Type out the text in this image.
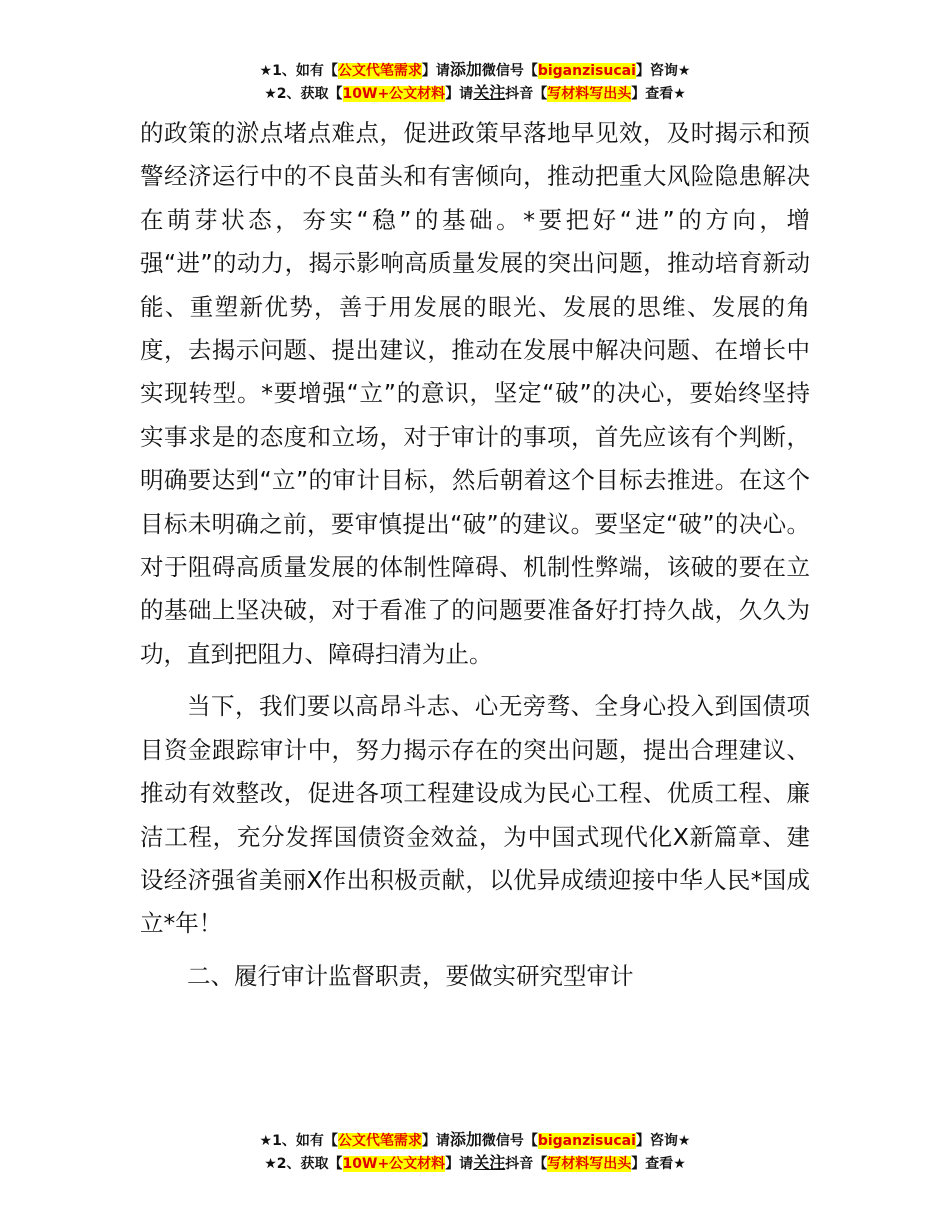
★1、如有【公文代笔需求】请添加微信号【biganzisucai】咨询★
★2、获取【10W+公文材料】请关注抖音【写材料写出头】查看★

的政策的淤点堵点难点，促进政策早落地早见效，及时揭示和预警经济运行中的不良苗头和有害倾向，推动把重大风险隐患解决在萌芽状态，夯实“稳”的基础。*要把好“进”的方向，增强“进”的动力，揭示影响高质量发展的突出问题，推动培育新动能、重塑新优势，善于用发展的眼光、发展的思维、发展的角度，去揭示问题、提出建议，推动在发展中解决问题、在增长中实现转型。*要增强“立”的意识，坚定“破”的决心，要始终坚持实事求是的态度和立场，对于审计的事项，首先应该有个判断，明确要达到“立”的审计目标，然后朝着这个目标去推进。在这个目标未明确之前，要审慎提出“破”的建议。要坚定“破”的决心。对于阻碍高质量发展的体制性障碍、机制性弊端，该破的要在立的基础上坚决破，对于看准了的问题要准备好打持久战，久久为功，直到把阻力、障碍扫清为止。

当下，我们要以高昂斗志、心无旁骛、全身心投入到国债项目资金跟踪审计中，努力揭示存在的突出问题，提出合理建议、推动有效整改，促进各项工程建设成为民心工程、优质工程、廉洁工程，充分发挥国债资金效益，为中国式现代化X新篇章、建设经济强省美丽X作出积极贡献，以优异成绩迎接中华人民*国成立*年！

二、履行审计监督职责，要做实研究型审计

★1、如有【公文代笔需求】请添加微信号【biganzisucai】咨询★
★2、获取【10W+公文材料】请关注抖音【写材料写出头】查看★
